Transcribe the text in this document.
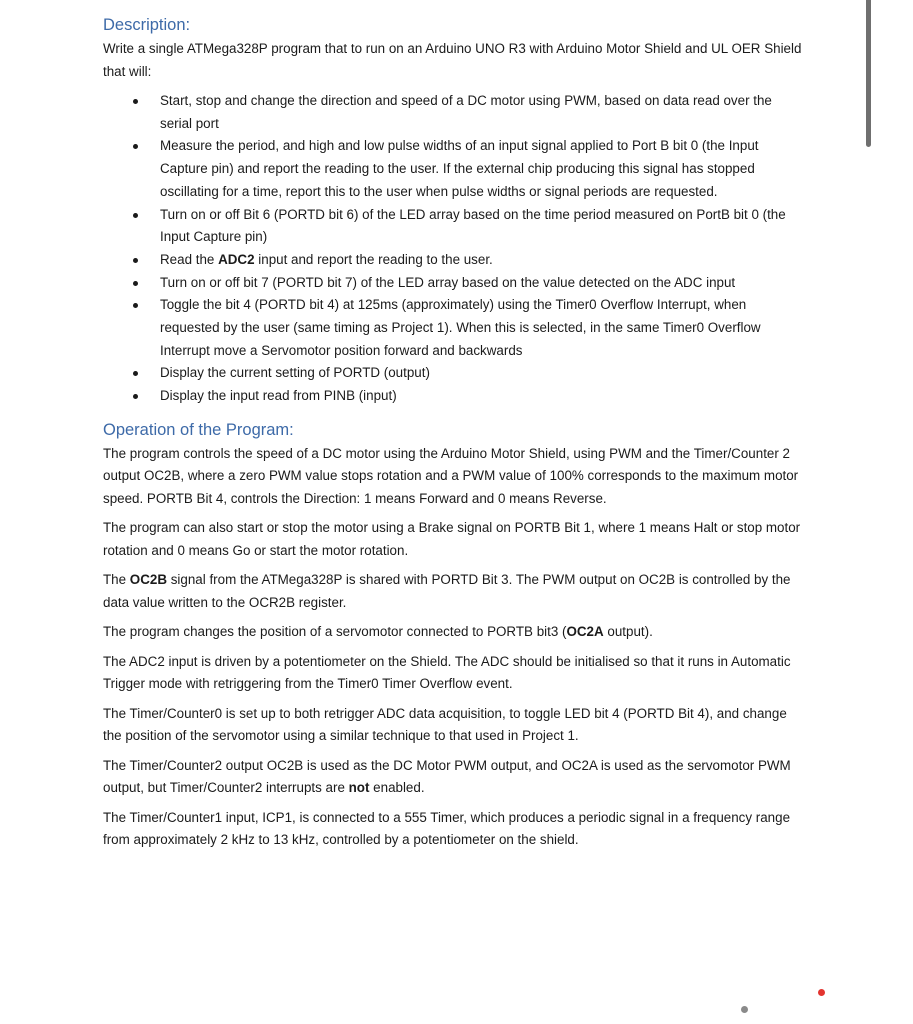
Description:

Write a single ATMega328P program that to run on an Arduino UNO R3 with Arduino Motor Shield and UL OER Shield that will:

Start, stop and change the direction and speed of a DC motor using PWM, based on data read over the serial port
Measure the period, and high and low pulse widths of an input signal applied to Port B bit 0 (the Input Capture pin) and report the reading to the user. If the external chip producing this signal has stopped oscillating for a time, report this to the user when pulse widths or signal periods are requested.
Turn on or off Bit 6 (PORTD bit 6) of the LED array based on the time period measured on PortB bit 0 (the Input Capture pin)
Read the ADC2 input and report the reading to the user.
Turn on or off bit 7 (PORTD bit 7) of the LED array based on the value detected on the ADC input
Toggle the bit 4 (PORTD bit 4) at 125ms (approximately) using the Timer0 Overflow Interrupt, when requested by the user (same timing as Project 1). When this is selected, in the same Timer0 Overflow Interrupt move a Servomotor position forward and backwards
Display the current setting of PORTD (output)
Display the input read from PINB (input)
Operation of the Program:

The program controls the speed of a DC motor using the Arduino Motor Shield, using PWM and the Timer/Counter 2 output OC2B, where a zero PWM value stops rotation and a PWM value of 100% corresponds to the maximum motor speed. PORTB Bit 4, controls the Direction: 1 means Forward and 0 means Reverse.

The program can also start or stop the motor using a Brake signal on PORTB Bit 1, where 1 means Halt or stop motor rotation and 0 means Go or start the motor rotation.

The OC2B signal from the ATMega328P is shared with PORTD Bit 3. The PWM output on OC2B is controlled by the data value written to the OCR2B register.

The program changes the position of a servomotor connected to PORTB bit3 (OC2A output).

The ADC2 input is driven by a potentiometer on the Shield. The ADC should be initialised so that it runs in Automatic Trigger mode with retriggering from the Timer0 Timer Overflow event.

The Timer/Counter0 is set up to both retrigger ADC data acquisition, to toggle LED bit 4 (PORTD Bit 4), and change the position of the servomotor using a similar technique to that used in Project 1.

The Timer/Counter2 output OC2B is used as the DC Motor PWM output, and OC2A is used as the servomotor PWM output, but Timer/Counter2 interrupts are not enabled.

The Timer/Counter1 input, ICP1, is connected to a 555 Timer, which produces a periodic signal in a frequency range from approximately 2 kHz to 13 kHz, controlled by a potentiometer on the shield.
